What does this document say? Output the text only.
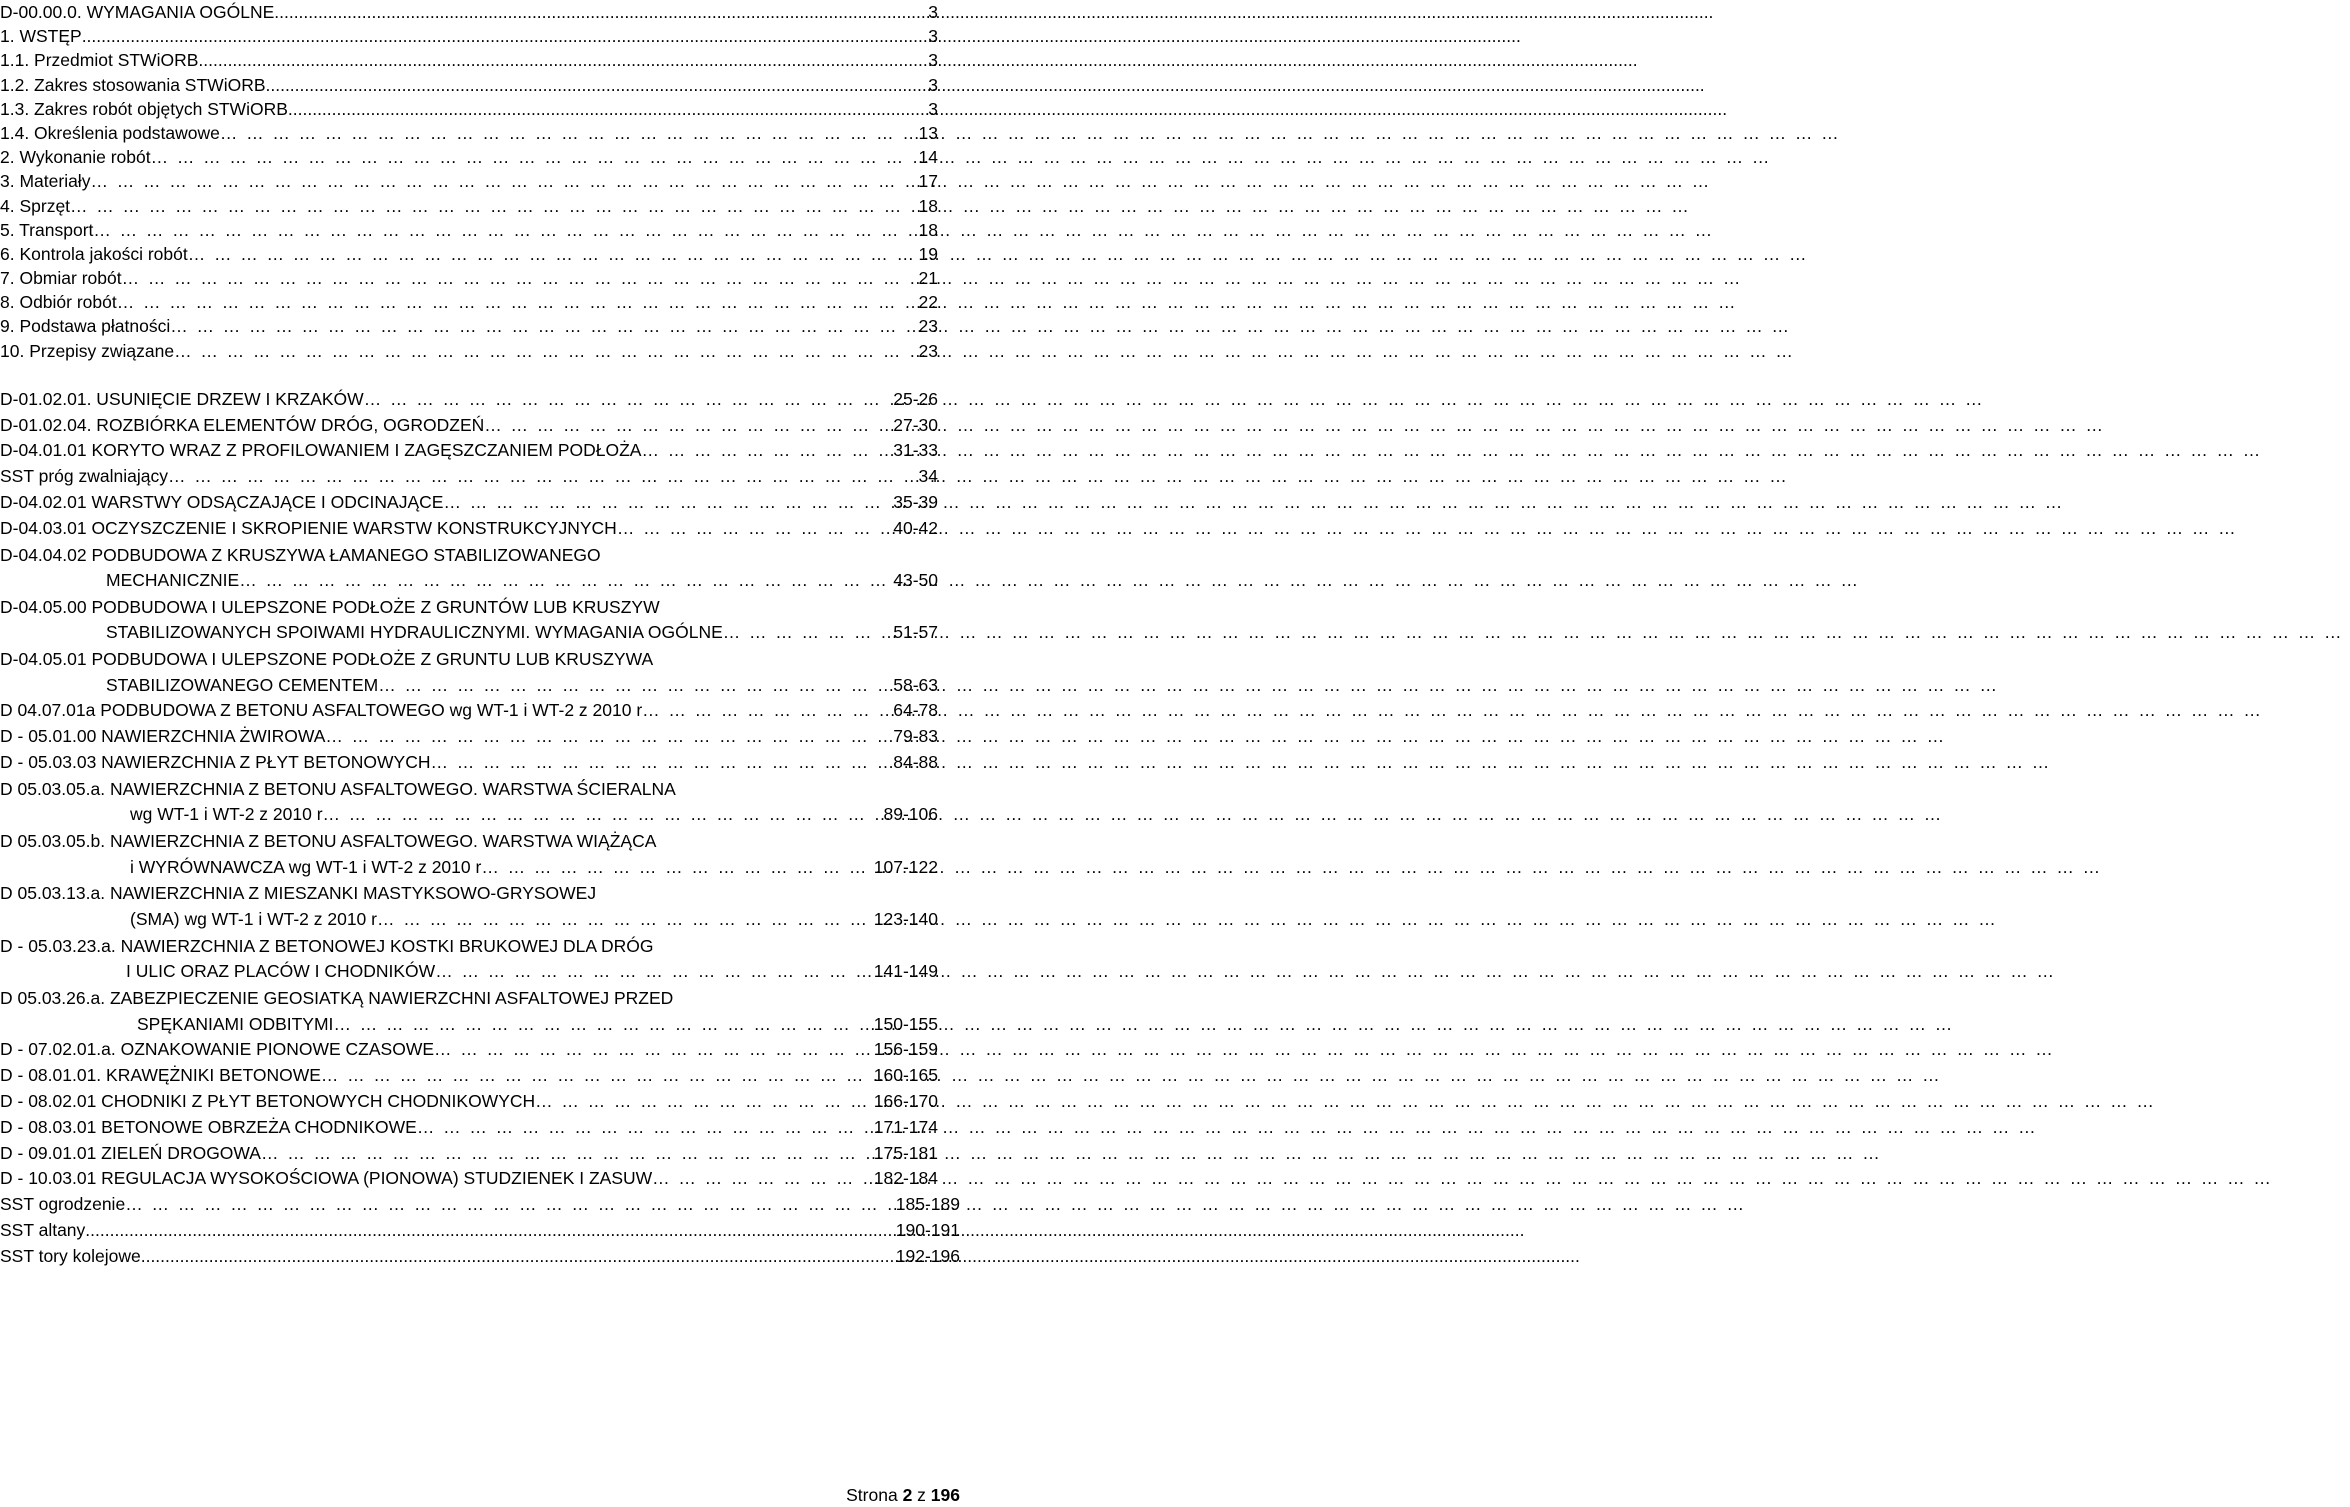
D-00.00.0. WYMAGANIA OGÓLNE .....	3
1. WSTĘP .....	3
1.1. Przedmiot STWiORB .....	3
1.2. Zakres stosowania STWiORB .....	3
1.3. Zakres robót objętych STWiORB .....	3
1.4. Określenia podstawowe … … … … … … … … … … … … … … … … … … … … … … … … … … … … … … … … … … … … … … … … … … … … … … … … … … … … … … … … … … … … … … 	13
2. Wykonanie robót … … … … … … … … … … … … … … … … … … … … … … … … … … … … … … … … … … … … … … … … … … … … … … … … … … … … … … … … … … … … … … 	14
3. Materiały … … … … … … … … … … … … … … … … … … … … … … … … … … … … … … … … … … … … … … … … … … … … … … … … … … … … … … … … … … … … … … 	17
4. Sprzęt … … … … … … … … … … … … … … … … … … … … … … … … … … … … … … … … … … … … … … … … … … … … … … … … … … … … … … … … … … … … … … 	18
5. Transport … … … … … … … … … … … … … … … … … … … … … … … … … … … … … … … … … … … … … … … … … … … … … … … … … … … … … … … … … … … … … … 	18
6. Kontrola jakości robót … … … … … … … … … … … … … … … … … … … … … … … … … … … … … … … … … … … … … … … … … … … … … … … … … … … … … … … … … … … … … … 	19
7. Obmiar robót … … … … … … … … … … … … … … … … … … … … … … … … … … … … … … … … … … … … … … … … … … … … … … … … … … … … … … … … … … … … … … 	21
8. Odbiór robót … … … … … … … … … … … … … … … … … … … … … … … … … … … … … … … … … … … … … … … … … … … … … … … … … … … … … … … … … … … … … … 	22
9. Podstawa płatności … … … … … … … … … … … … … … … … … … … … … … … … … … … … … … … … … … … … … … … … … … … … … … … … … … … … … … … … … … … … … … 	23
10. Przepisy związane … … … … … … … … … … … … … … … … … … … … … … … … … … … … … … … … … … … … … … … … … … … … … … … … … … … … … … … … … … … … … … 	23
D-01.02.01. USUNIĘCIE DRZEW I KRZAKÓW … … … … … … … … … … … … … … … … … … … … … … … … … … … … … … … … … … … … … … … … … … … … … … … … … … … … … … … … … … … … … … 	25-26
D-01.02.04. ROZBIÓRKA ELEMENTÓW DRÓG, OGRODZEŃ … … … … … … … … … … … … … … … … … … … … … … … … … … … … … … … … … … … … … … … … … … … … … … … … … … … … … … … … … … … … … … 	27-30
D-04.01.01 KORYTO WRAZ Z PROFILOWANIEM I ZAGĘSZCZANIEM PODŁOŻA … … … … … … … … … … … … … … … … … … … … … … … … … … … … … … … … … … … … … … … … … … … … … … … … … … … … … … … … … … … … … … 	31-33
SST próg zwalniający … … … … … … … … … … … … … … … … … … … … … … … … … … … … … … … … … … … … … … … … … … … … … … … … … … … … … … … … … … … … … … 	34
D-04.02.01 WARSTWY ODSĄCZAJĄCE I ODCINAJĄCE … … … … … … … … … … … … … … … … … … … … … … … … … … … … … … … … … … … … … … … … … … … … … … … … … … … … … … … … … … … … … … 	35-39
D-04.03.01 OCZYSZCZENIE I SKROPIENIE WARSTW KONSTRUKCYJNYCH … … … … … … … … … … … … … … … … … … … … … … … … … … … … … … … … … … … … … … … … … … … … … … … … … … … … … … … … … … … … … … 	40-42
D-04.04.02 PODBUDOWA Z KRUSZYWA ŁAMANEGO STABILIZOWANEGO
MECHANICZNIE … … … … … … … … … … … … … … … … … … … … … … … … … … … … … … … … … … … … … … … … … … … … … … … … … … … … … … … … … … … … … … 	43-50
D-04.05.00 PODBUDOWA I ULEPSZONE PODŁOŻE Z GRUNTÓW LUB KRUSZYW
STABILIZOWANYCH SPOIWAMI HYDRAULICZNYMI. WYMAGANIA OGÓLNE … … … … … … … … … … … … … … … … … … … … … … … … … … … … … … … … … … … … … … … … … … … … … … … … … … … … … … … … … … … … … … 	51-57
D-04.05.01 PODBUDOWA I ULEPSZONE PODŁOŻE Z GRUNTU LUB KRUSZYWA
STABILIZOWANEGO CEMENTEM … … … … … … … … … … … … … … … … … … … … … … … … … … … … … … … … … … … … … … … … … … … … … … … … … … … … … … … … … … … … … … 	58-63
D 04.07.01a PODBUDOWA Z BETONU ASFALTOWEGO wg WT-1 i WT-2 z 2010 r … … … … … … … … … … … … … … … … … … … … … … … … … … … … … … … … … … … … … … … … … … … … … … … … … … … … … … … … … … … … … … 	64-78
D - 05.01.00 NAWIERZCHNIA ŻWIROWA … … … … … … … … … … … … … … … … … … … … … … … … … … … … … … … … … … … … … … … … … … … … … … … … … … … … … … … … … … … … … … 	79-83
D - 05.03.03 NAWIERZCHNIA Z PŁYT BETONOWYCH … … … … … … … … … … … … … … … … … … … … … … … … … … … … … … … … … … … … … … … … … … … … … … … … … … … … … … … … … … … … … … 	84-88
D 05.03.05.a. NAWIERZCHNIA Z BETONU ASFALTOWEGO. WARSTWA ŚCIERALNA
wg WT-1 i WT-2 z 2010 r … … … … … … … … … … … … … … … … … … … … … … … … … … … … … … … … … … … … … … … … … … … … … … … … … … … … … … … … … … … … … … 	89-106
D 05.03.05.b. NAWIERZCHNIA Z BETONU ASFALTOWEGO. WARSTWA WIĄŻĄCA
i WYRÓWNAWCZA wg WT-1 i WT-2 z 2010 r … … … … … … … … … … … … … … … … … … … … … … … … … … … … … … … … … … … … … … … … … … … … … … … … … … … … … … … … … … … … … … 	107-122
D 05.03.13.a. NAWIERZCHNIA Z MIESZANKI MASTYKSOWO-GRYSOWEJ
(SMA) wg WT-1 i WT-2 z 2010 r … … … … … … … … … … … … … … … … … … … … … … … … … … … … … … … … … … … … … … … … … … … … … … … … … … … … … … … … … … … … … … 	123-140
D - 05.03.23.a. NAWIERZCHNIA Z BETONOWEJ KOSTKI BRUKOWEJ DLA DRÓG
I ULIC ORAZ PLACÓW I CHODNIKÓW … … … … … … … … … … … … … … … … … … … … … … … … … … … … … … … … … … … … … … … … … … … … … … … … … … … … … … … … … … … … … … 	141-149
D 05.03.26.a. ZABEZPIECZENIE GEOSIATKĄ NAWIERZCHNI ASFALTOWEJ PRZED
SPĘKANIAMI ODBITYMI … … … … … … … … … … … … … … … … … … … … … … … … … … … … … … … … … … … … … … … … … … … … … … … … … … … … … … … … … … … … … … 	150-155
D - 07.02.01.a. OZNAKOWANIE PIONOWE CZASOWE … … … … … … … … … … … … … … … … … … … … … … … … … … … … … … … … … … … … … … … … … … … … … … … … … … … … … … … … … … … … … … 	156-159
D - 08.01.01. KRAWĘŻNIKI BETONOWE … … … … … … … … … … … … … … … … … … … … … … … … … … … … … … … … … … … … … … … … … … … … … … … … … … … … … … … … … … … … … … 	160-165
D - 08.02.01 CHODNIKI Z PŁYT BETONOWYCH CHODNIKOWYCH … … … … … … … … … … … … … … … … … … … … … … … … … … … … … … … … … … … … … … … … … … … … … … … … … … … … … … … … … … … … … … 	166-170
D - 08.03.01 BETONOWE OBRZEŻA CHODNIKOWE … … … … … … … … … … … … … … … … … … … … … … … … … … … … … … … … … … … … … … … … … … … … … … … … … … … … … … … … … … … … … … 	171-174
D - 09.01.01 ZIELEŃ DROGOWA … … … … … … … … … … … … … … … … … … … … … … … … … … … … … … … … … … … … … … … … … … … … … … … … … … … … … … … … … … … … … … 	175-181
D - 10.03.01 REGULACJA WYSOKOŚCIOWA (PIONOWA) STUDZIENEK I ZASUW … … … … … … … … … … … … … … … … … … … … … … … … … … … … … … … … … … … … … … … … … … … … … … … … … … … … … … … … … … … … … … 	182-184
SST ogrodzenie … … … … … … … … … … … … … … … … … … … … … … … … … … … … … … … … … … … … … … … … … … … … … … … … … … … … … … … … … … … … … … 	185-189
SST altany .....	190-191
SST tory kolejowe .....	192-196
Strona 2 z 196
